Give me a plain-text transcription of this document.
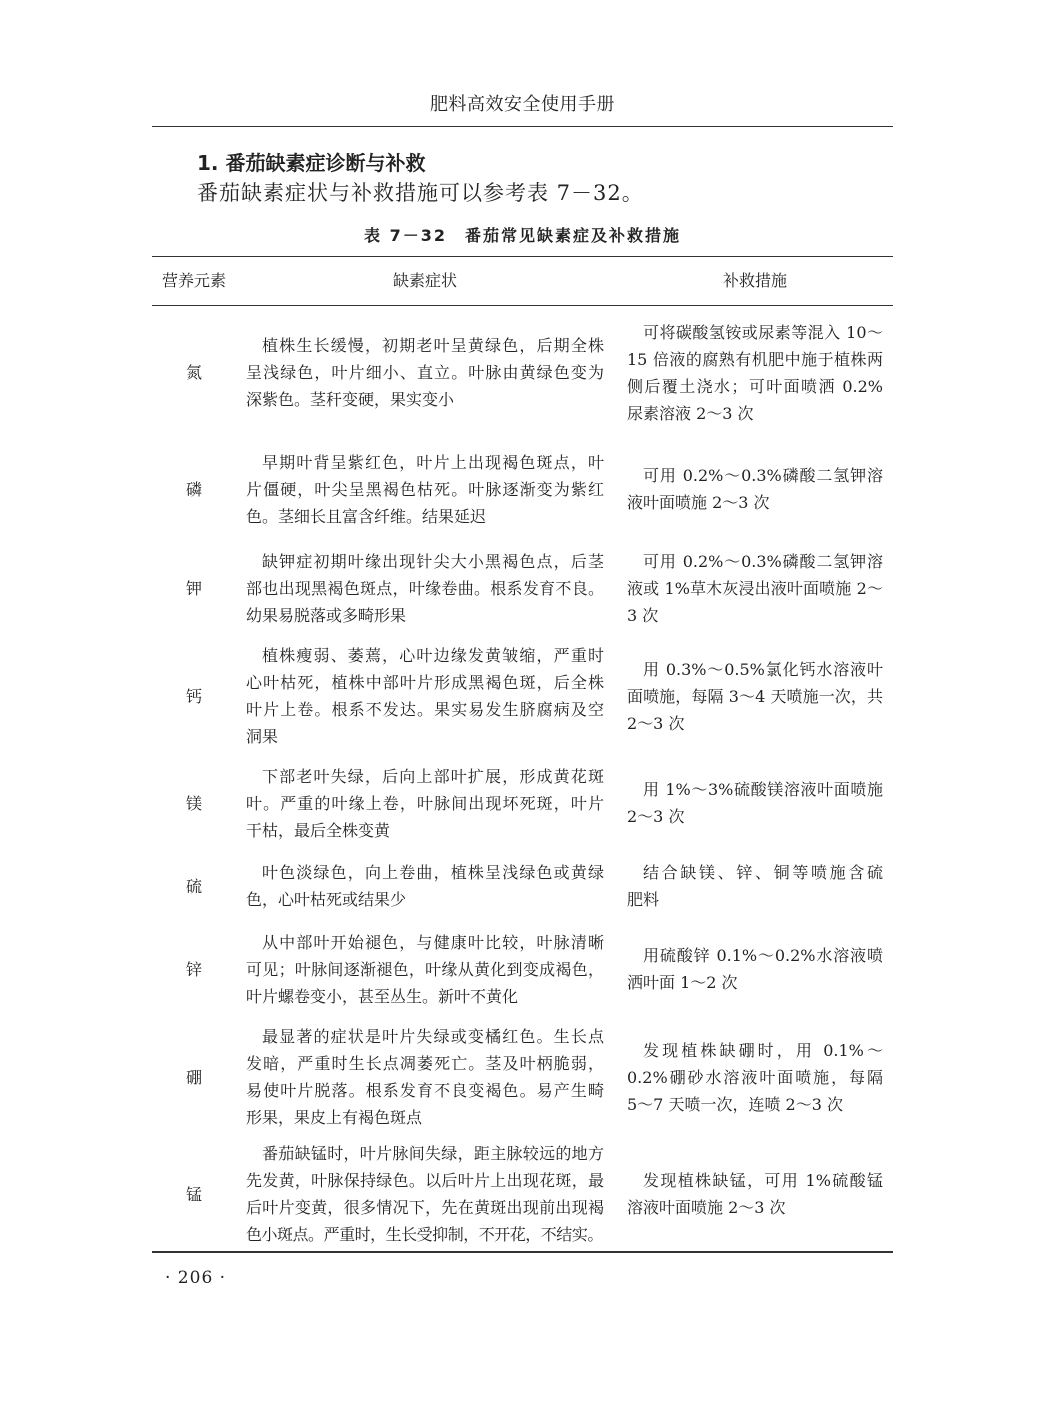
肥料高效安全使用手册
1. 番茄缺素症诊断与补救

番茄缺素症状与补救措施可以参考表 7－32。

表 7－32 番茄常见缺素症及补救措施
营养元素	缺素症状	补救措施
氮
植株生长缓慢，初期老叶呈黄绿色，后期全株
呈浅绿色，叶片细小、直立。叶脉由黄绿色变为
深紫色。茎秆变硬，果实变小
可将碳酸氢铵或尿素等混入 10～
15 倍液的腐熟有机肥中施于植株两
侧后覆土浇水；可叶面喷洒 0.2%
尿素溶液 2～3 次
磷
早期叶背呈紫红色，叶片上出现褐色斑点，叶
片僵硬，叶尖呈黑褐色枯死。叶脉逐渐变为紫红
色。茎细长且富含纤维。结果延迟
可用 0.2%～0.3%磷酸二氢钾溶
液叶面喷施 2～3 次
钾
缺钾症初期叶缘出现针尖大小黑褐色点，后茎
部也出现黑褐色斑点，叶缘卷曲。根系发育不良。
幼果易脱落或多畸形果
可用 0.2%～0.3%磷酸二氢钾溶
液或 1%草木灰浸出液叶面喷施 2～
3 次
钙
植株瘦弱、萎蔫，心叶边缘发黄皱缩，严重时
心叶枯死，植株中部叶片形成黑褐色斑，后全株
叶片上卷。根系不发达。果实易发生脐腐病及空
洞果
用 0.3%～0.5%氯化钙水溶液叶
面喷施，每隔 3～4 天喷施一次，共
2～3 次
镁
下部老叶失绿，后向上部叶扩展，形成黄花斑
叶。严重的叶缘上卷，叶脉间出现坏死斑，叶片
干枯，最后全株变黄
用 1%～3%硫酸镁溶液叶面喷施
2～3 次
硫
叶色淡绿色，向上卷曲，植株呈浅绿色或黄绿
色，心叶枯死或结果少
结合缺镁、锌、铜等喷施含硫
肥料
锌
从中部叶开始褪色，与健康叶比较，叶脉清晰
可见；叶脉间逐渐褪色，叶缘从黄化到变成褐色，
叶片螺卷变小，甚至丛生。新叶不黄化
用硫酸锌 0.1%～0.2%水溶液喷
洒叶面 1～2 次
硼
最显著的症状是叶片失绿或变橘红色。生长点
发暗，严重时生长点凋萎死亡。茎及叶柄脆弱，
易使叶片脱落。根系发育不良变褐色。易产生畸
形果，果皮上有褐色斑点
发现植株缺硼时，用 0.1%～
0.2%硼砂水溶液叶面喷施，每隔
5～7 天喷一次，连喷 2～3 次
锰
番茄缺锰时，叶片脉间失绿，距主脉较远的地方
先发黄，叶脉保持绿色。以后叶片上出现花斑，最
后叶片变黄，很多情况下，先在黄斑出现前出现褐
色小斑点。严重时，生长受抑制，不开花，不结实。
发现植株缺锰，可用 1%硫酸锰
溶液叶面喷施 2～3 次
· 206 ·
